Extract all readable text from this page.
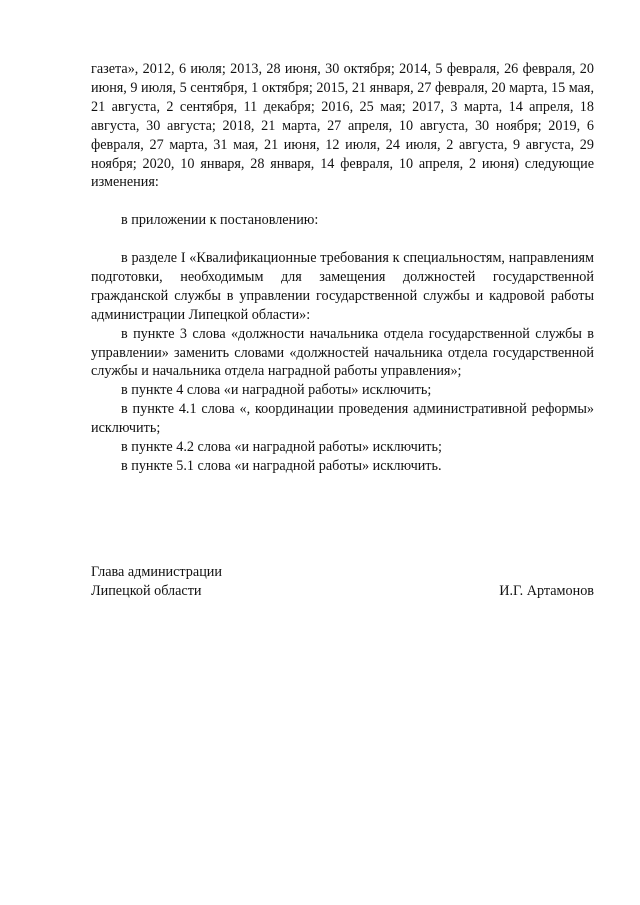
газета», 2012, 6 июля; 2013, 28 июня, 30 октября; 2014, 5 февраля, 26 февраля, 20 июня, 9 июля, 5 сентября, 1 октября; 2015, 21 января, 27 февраля, 20 марта, 15 мая, 21 августа, 2 сентября, 11 декабря; 2016, 25 мая; 2017, 3 марта, 14 апреля, 18 августа, 30 августа; 2018, 21 марта, 27 апреля, 10 августа, 30 ноября; 2019, 6 февраля, 27 марта, 31 мая, 21 июня, 12 июля, 24 июля, 2 августа, 9 августа, 29 ноября; 2020, 10 января, 28 января, 14 февраля, 10 апреля, 2 июня) следующие изменения:

в приложении к постановлению:

в разделе I «Квалификационные требования к специальностям, направлениям подготовки, необходимым для замещения должностей государственной гражданской службы в управлении государственной службы и кадровой работы администрации Липецкой области»:

в пункте 3 слова «должности начальника отдела государственной службы в управлении» заменить словами «должностей начальника отдела государственной службы и начальника отдела наградной работы управления»;

в пункте 4 слова «и наградной работы» исключить;

в пункте 4.1 слова «, координации проведения административной реформы» исключить;

в пункте 4.2 слова «и наградной работы» исключить;

в пункте 5.1 слова «и наградной работы» исключить.

Глава администрации
Липецкой области	И.Г. Артамонов
